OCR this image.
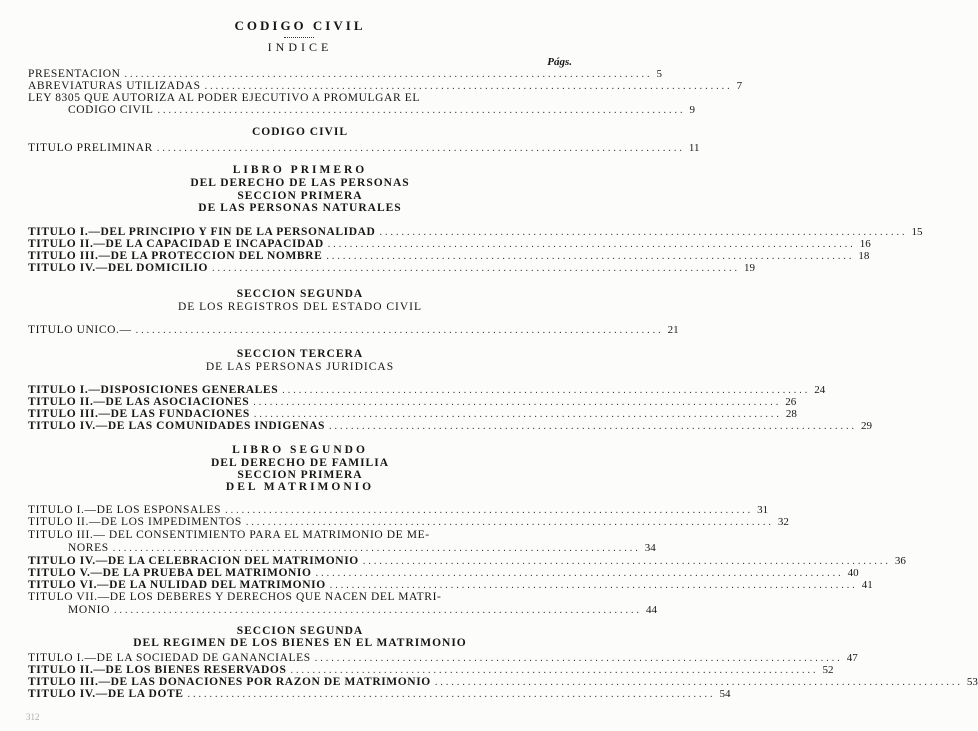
CODIGO CIVIL
INDICE
Págs.
PRESENTACION ................................................................................................ 5
ABREVIATURAS UTILIZADAS ................................................................................................ 7
LEY 8305 QUE AUTORIZA AL PODER EJECUTIVO A PROMULGAR EL
CODIGO CIVIL ................................................................................................ 9
CODIGO CIVIL
TITULO PRELIMINAR ................................................................................................ 11
LIBRO PRIMERO
DEL DERECHO DE LAS PERSONAS
SECCION PRIMERA
DE LAS PERSONAS NATURALES
TITULO I.—DEL PRINCIPIO Y FIN DE LA PERSONALIDAD ................................................................................................ 15
TITULO II.—DE LA CAPACIDAD E INCAPACIDAD ................................................................................................ 16
TITULO III.—DE LA PROTECCION DEL NOMBRE ................................................................................................ 18
TITULO IV.—DEL DOMICILIO ................................................................................................ 19
SECCION SEGUNDA
DE LOS REGISTROS DEL ESTADO CIVIL
TITULO UNICO.— ................................................................................................ 21
SECCION TERCERA
DE LAS PERSONAS JURIDICAS
TITULO I.—DISPOSICIONES GENERALES ................................................................................................ 24
TITULO II.—DE LAS ASOCIACIONES ................................................................................................ 26
TITULO III.—DE LAS FUNDACIONES ................................................................................................ 28
TITULO IV.—DE LAS COMUNIDADES INDIGENAS ................................................................................................ 29
LIBRO SEGUNDO
DEL DERECHO DE FAMILIA
SECCION PRIMERA
DEL MATRIMONIO
TITULO I.—DE LOS ESPONSALES ................................................................................................ 31
TITULO II.—DE LOS IMPEDIMENTOS ................................................................................................ 32
TITULO III.— DEL CONSENTIMIENTO PARA EL MATRIMONIO DE ME-
NORES ................................................................................................ 34
TITULO IV.—DE LA CELEBRACION DEL MATRIMONIO ................................................................................................ 36
TITULO V.—DE LA PRUEBA DEL MATRIMONIO ................................................................................................ 40
TITULO VI.—DE LA NULIDAD DEL MATRIMONIO ................................................................................................ 41
TITULO VII.—DE LOS DEBERES Y DERECHOS QUE NACEN DEL MATRI-
MONIO ................................................................................................ 44
SECCION SEGUNDA
DEL REGIMEN DE LOS BIENES EN EL MATRIMONIO
TITULO I.—DE LA SOCIEDAD DE GANANCIALES ................................................................................................ 47
TITULO II.—DE LOS BIENES RESERVADOS ................................................................................................ 52
TITULO III.—DE LAS DONACIONES POR RAZON DE MATRIMONIO ................................................................................................ 53
TITULO IV.—DE LA DOTE ................................................................................................ 54
312
